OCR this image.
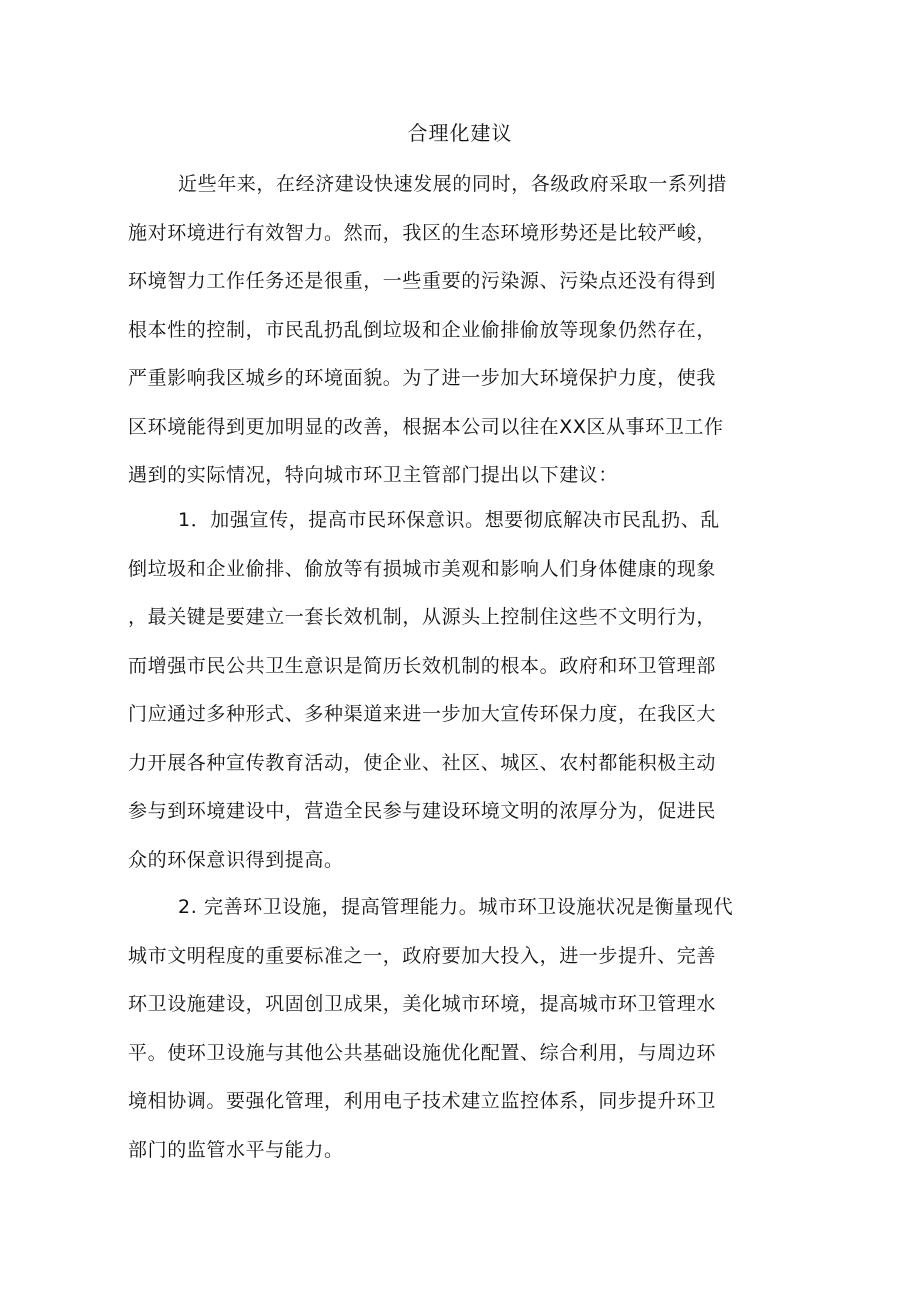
合理化建议
近些年来，在经济建设快速发展的同时，各级政府采取一系列措
施对环境进行有效智力。然而，我区的生态环境形势还是比较严峻，
环境智力工作任务还是很重，一些重要的污染源、污染点还没有得到
根本性的控制，市民乱扔乱倒垃圾和企业偷排偷放等现象仍然存在，
严重影响我区城乡的环境面貌。为了进一步加大环境保护力度，使我
区环境能得到更加明显的改善，根据本公司以往在XX区从事环卫工作
遇到的实际情况，特向城市环卫主管部门提出以下建议：
1．加强宣传，提高市民环保意识。想要彻底解决市民乱扔、乱
倒垃圾和企业偷排、偷放等有损城市美观和影响人们身体健康的现象
，最关键是要建立一套长效机制，从源头上控制住这些不文明行为，
而增强市民公共卫生意识是简历长效机制的根本。政府和环卫管理部
门应通过多种形式、多种渠道来进一步加大宣传环保力度，在我区大
力开展各种宣传教育活动，使企业、社区、城区、农村都能积极主动
参与到环境建设中，营造全民参与建设环境文明的浓厚分为，促进民
众的环保意识得到提高。
2. 完善环卫设施，提高管理能力。城市环卫设施状况是衡量现代
城市文明程度的重要标准之一，政府要加大投入，进一步提升、完善
环卫设施建设，巩固创卫成果，美化城市环境，提高城市环卫管理水
平。使环卫设施与其他公共基础设施优化配置、综合利用，与周边环
境相协调。要强化管理，利用电子技术建立监控体系，同步提升环卫
部门的监管水平与能力。
